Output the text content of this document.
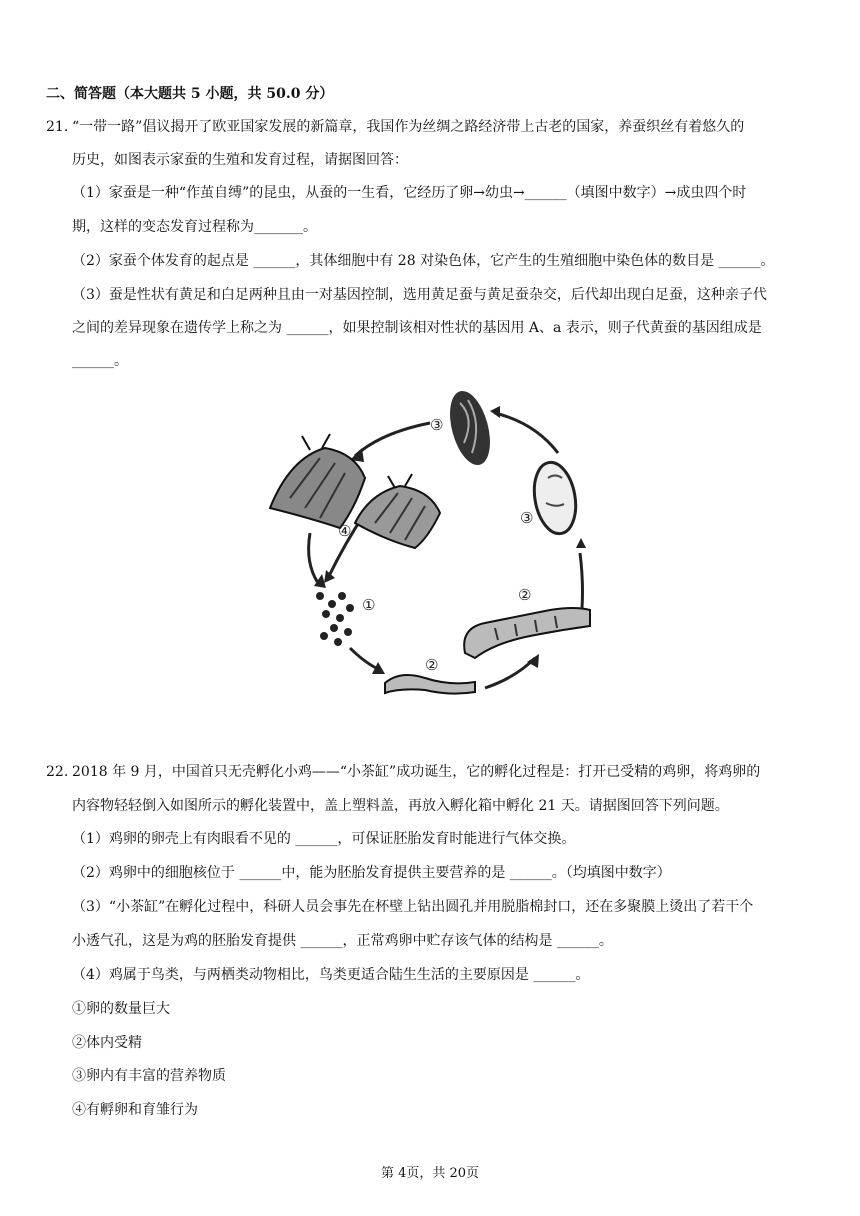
二、简答题（本大题共 5 小题，共 50.0 分）
21. “一带一路”倡议揭开了欧亚国家发展的新篇章，我国作为丝绸之路经济带上古老的国家，养蚕织丝有着悠久的
历史，如图表示家蚕的生殖和发育过程，请据图回答：
（1）家蚕是一种“作茧自缚”的昆虫，从蚕的一生看，它经历了卵→幼虫→______（填图中数字）→成虫四个时
期，这样的变态发育过程称为_______。
（2）家蚕个体发育的起点是 ______，其体细胞中有 28 对染色体，它产生的生殖细胞中染色体的数目是 ______。
（3）蚕是性状有黄足和白足两种且由一对基因控制，选用黄足蚕与黄足蚕杂交，后代却出现白足蚕，这种亲子代
之间的差异现象在遗传学上称之为 ______，如果控制该相对性状的基因用 A、a 表示，则子代黄蚕的基因组成是
______。
①
②
②
③
③
④
22. 2018 年 9 月，中国首只无壳孵化小鸡——“小茶缸”成功诞生，它的孵化过程是：打开已受精的鸡卵，将鸡卵的
内容物轻轻倒入如图所示的孵化装置中，盖上塑料盖，再放入孵化箱中孵化 21 天。请据图回答下列问题。
（1）鸡卵的卵壳上有肉眼看不见的 ______，可保证胚胎发育时能进行气体交换。
（2）鸡卵中的细胞核位于 ______中，能为胚胎发育提供主要营养的是 ______。（均填图中数字）
（3）“小茶缸”在孵化过程中，科研人员会事先在杯壁上钻出圆孔并用脱脂棉封口，还在多聚膜上烫出了若干个
小透气孔，这是为鸡的胚胎发育提供 ______，正常鸡卵中贮存该气体的结构是 ______。
（4）鸡属于鸟类，与两栖类动物相比，鸟类更适合陆生生活的主要原因是 ______。
①卵的数量巨大
②体内受精
③卵内有丰富的营养物质
④有孵卵和育雏行为
第 4页，共 20页
